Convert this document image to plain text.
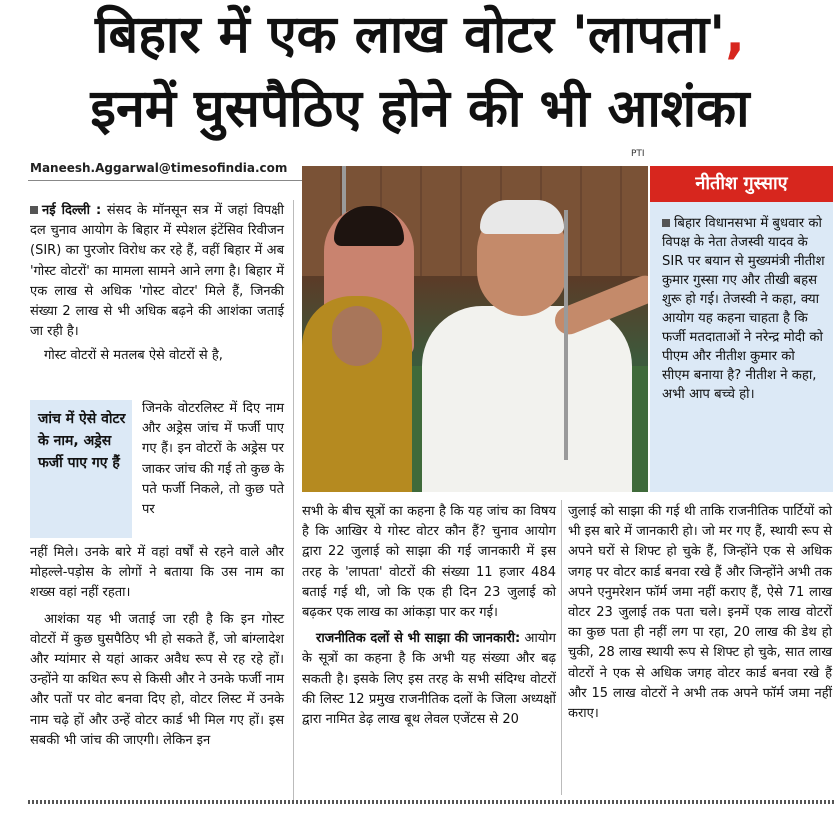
बिहार में एक लाख वोटर 'लापता',
इनमें घुसपैठिए होने की भी आशंका
Maneesh.Aggarwal@timesofindia.com
PTI
नीतीश गुस्साए
बिहार विधानसभा में बुधवार को विपक्ष के नेता तेजस्वी यादव के SIR पर बयान से मुख्यमंत्री नीतीश कुमार गुस्सा गए और तीखी बहस शुरू हो गई। तेजस्वी ने कहा, क्या आयोग यह कहना चाहता है कि फर्जी मतदाताओं ने नरेन्द्र मोदी को पीएम और नीतीश कुमार को सीएम बनाया है? नीतीश ने कहा, अभी आप बच्चे हो।

नई दिल्ली : संसद के मॉनसून सत्र में जहां विपक्षी दल चुनाव आयोग के बिहार में स्पेशल इंटेंसिव रिवीजन (SIR) का पुरजोर विरोध कर रहे हैं, वहीं बिहार में अब 'गोस्ट वोटरों' का मामला सामने आने लगा है। बिहार में एक लाख से अधिक 'गोस्ट वोटर' मिले हैं, जिनकी संख्या 2 लाख से भी अधिक बढ़ने की आशंका जताई जा रही है।

गोस्ट वोटरों से मतलब ऐसे वोटरों से है,

जांच में ऐसे वोटर के नाम, अड्रेस फर्जी पाए गए हैं

जिनके वोटरलिस्ट में दिए नाम और अड्रेस जांच में फर्जी पाए गए हैं। इन वोटरों के अड्रेस पर जाकर जांच की गई तो कुछ के पते फर्जी निकले, तो कुछ पते पर

नहीं मिले। उनके बारे में वहां वर्षों से रहने वाले और मोहल्ले-पड़ोस के लोगों ने बताया कि उस नाम का शख्स वहां नहीं रहता।

आशंका यह भी जताई जा रही है कि इन गोस्ट वोटरों में कुछ घुसपैठिए भी हो सकते हैं, जो बांग्लादेश और म्यांमार से यहां आकर अवैध रूप से रह रहे हों। उन्होंने या कथित रूप से किसी और ने उनके फर्जी नाम और पतों पर वोट बनवा दिए हो, वोटर लिस्ट में उनके नाम चढ़े हों और उन्हें वोटर कार्ड भी मिल गए हों। इस सबकी भी जांच की जाएगी। लेकिन इन

सभी के बीच सूत्रों का कहना है कि यह जांच का विषय है कि आखिर ये गोस्ट वोटर कौन हैं? चुनाव आयोग द्वारा 22 जुलाई को साझा की गई जानकारी में इस तरह के 'लापता' वोटरों की संख्या 11 हजार 484 बताई गई थी, जो कि एक ही दिन 23 जुलाई को बढ़कर एक लाख का आंकड़ा पार कर गई।

राजनीतिक दलों से भी साझा की जानकारी: आयोग के सूत्रों का कहना है कि अभी यह संख्या और बढ़ सकती है। इसके लिए इस तरह के सभी संदिग्ध वोटरों की लिस्ट 12 प्रमुख राजनीतिक दलों के जिला अध्यक्षों द्वारा नामित डेढ़ लाख बूथ लेवल एजेंटस से 20

जुलाई को साझा की गई थी ताकि राजनीतिक पार्टियों को भी इस बारे में जानकारी हो। जो मर गए हैं, स्थायी रूप से अपने घरों से शिफ्ट हो चुके हैं, जिन्होंने एक से अधिक जगह पर वोटर कार्ड बनवा रखे हैं और जिन्होंने अभी तक अपने एनुमरेशन फॉर्म जमा नहीं कराए हैं, ऐसे 71 लाख वोटर 23 जुलाई तक पता चले। इनमें एक लाख वोटरों का कुछ पता ही नहीं लग पा रहा, 20 लाख की डेथ हो चुकी, 28 लाख स्थायी रूप से शिफ्ट हो चुके, सात लाख वोटरों ने एक से अधिक जगह वोटर कार्ड बनवा रखे हैं और 15 लाख वोटरों ने अभी तक अपने फॉर्म जमा नहीं कराए।
